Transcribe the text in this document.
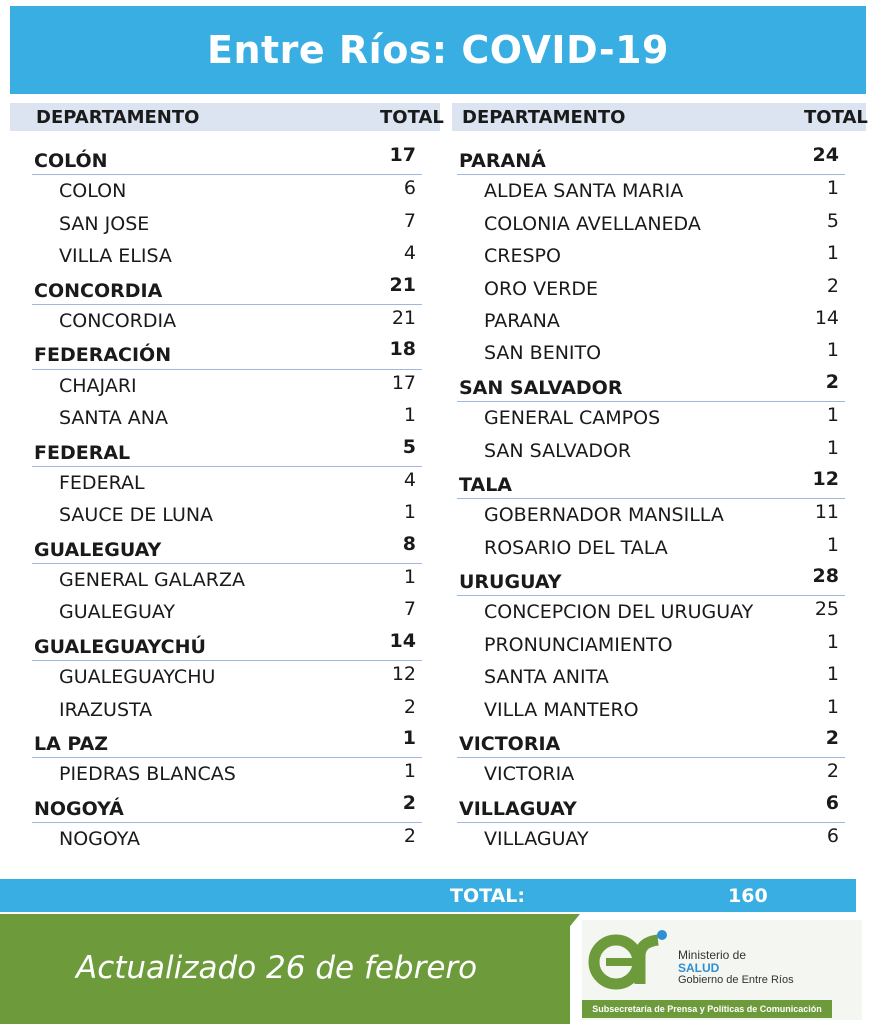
Entre Ríos: COVID-19
DEPARTAMENTO	TOTAL DEPARTAMENTO	TOTAL
COLÓN	17
COLON	6
SAN JOSE	7
VILLA ELISA	4
CONCORDIA	21
CONCORDIA	21
FEDERACIÓN	18
CHAJARI	17
SANTA ANA	1
FEDERAL	5
FEDERAL	4
SAUCE DE LUNA	1
GUALEGUAY	8
GENERAL GALARZA	1
GUALEGUAY	7
GUALEGUAYCHÚ	14
GUALEGUAYCHU	12
IRAZUSTA	2
LA PAZ	1
PIEDRAS BLANCAS	1
NOGOYÁ	2
NOGOYA	2
PARANÁ	24
ALDEA SANTA MARIA	1
COLONIA AVELLANEDA	5
CRESPO	1
ORO VERDE	2
PARANA	14
SAN BENITO	1
SAN SALVADOR	2
GENERAL CAMPOS	1
SAN SALVADOR	1
TALA	12
GOBERNADOR MANSILLA	11
ROSARIO DEL TALA	1
URUGUAY	28
CONCEPCION DEL URUGUAY	25
PRONUNCIAMIENTO	1
SANTA ANITA	1
VILLA MANTERO	1
VICTORIA	2
VICTORIA	2
VILLAGUAY	6
VILLAGUAY	6
TOTAL:	160
Actualizado 26 de febrero	Ministerio de
SALUD
Gobierno de Entre Ríos
Subsecretaría de Prensa y Políticas de Comunicación
